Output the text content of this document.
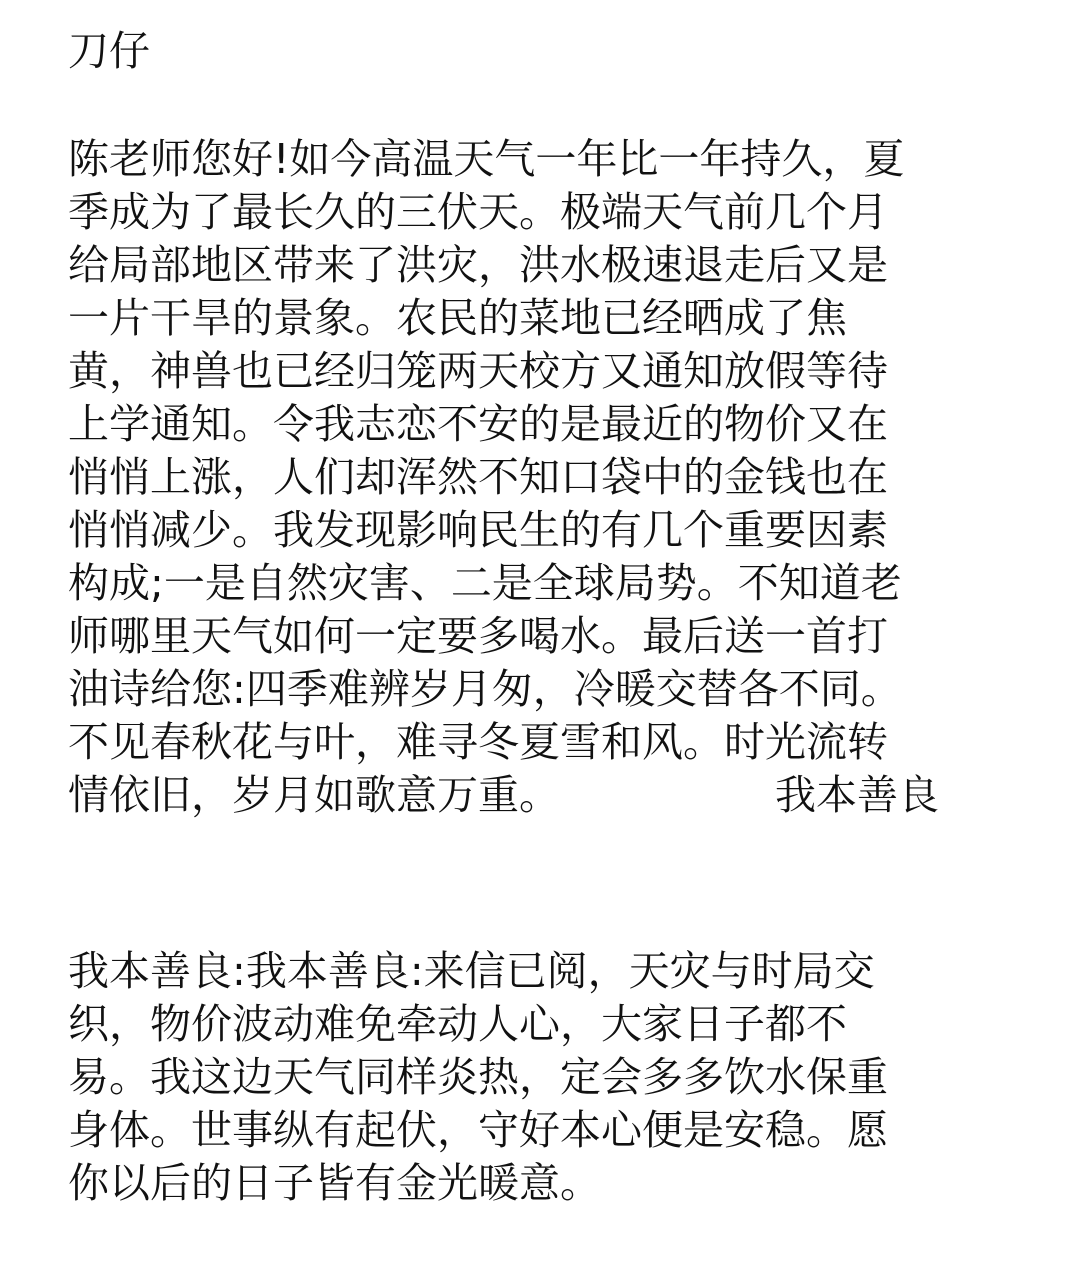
刀仔
陈老师您好!如今高温天气一年比一年持久，夏
季成为了最长久的三伏天。极端天气前几个月
给局部地区带来了洪灾，洪水极速退走后又是
一片干旱的景象。农民的菜地已经晒成了焦
黄，神兽也已经归笼两天校方又通知放假等待
上学通知。令我志恋不安的是最近的物价又在
悄悄上涨，人们却浑然不知口袋中的金钱也在
悄悄减少。我发现影响民生的有几个重要因素
构成;一是自然灾害、二是全球局势。不知道老
师哪里天气如何一定要多喝水。最后送一首打
油诗给您:四季难辨岁月匆，冷暖交替各不同。
不见春秋花与叶，难寻冬夏雪和风。时光流转
情依旧，岁月如歌意万重。	我本善良
我本善良:我本善良:来信已阅，天灾与时局交
织，物价波动难免牵动人心，大家日子都不
易。我这边天气同样炎热，定会多多饮水保重
身体。世事纵有起伏，守好本心便是安稳。愿
你以后的日子皆有金光暖意。
